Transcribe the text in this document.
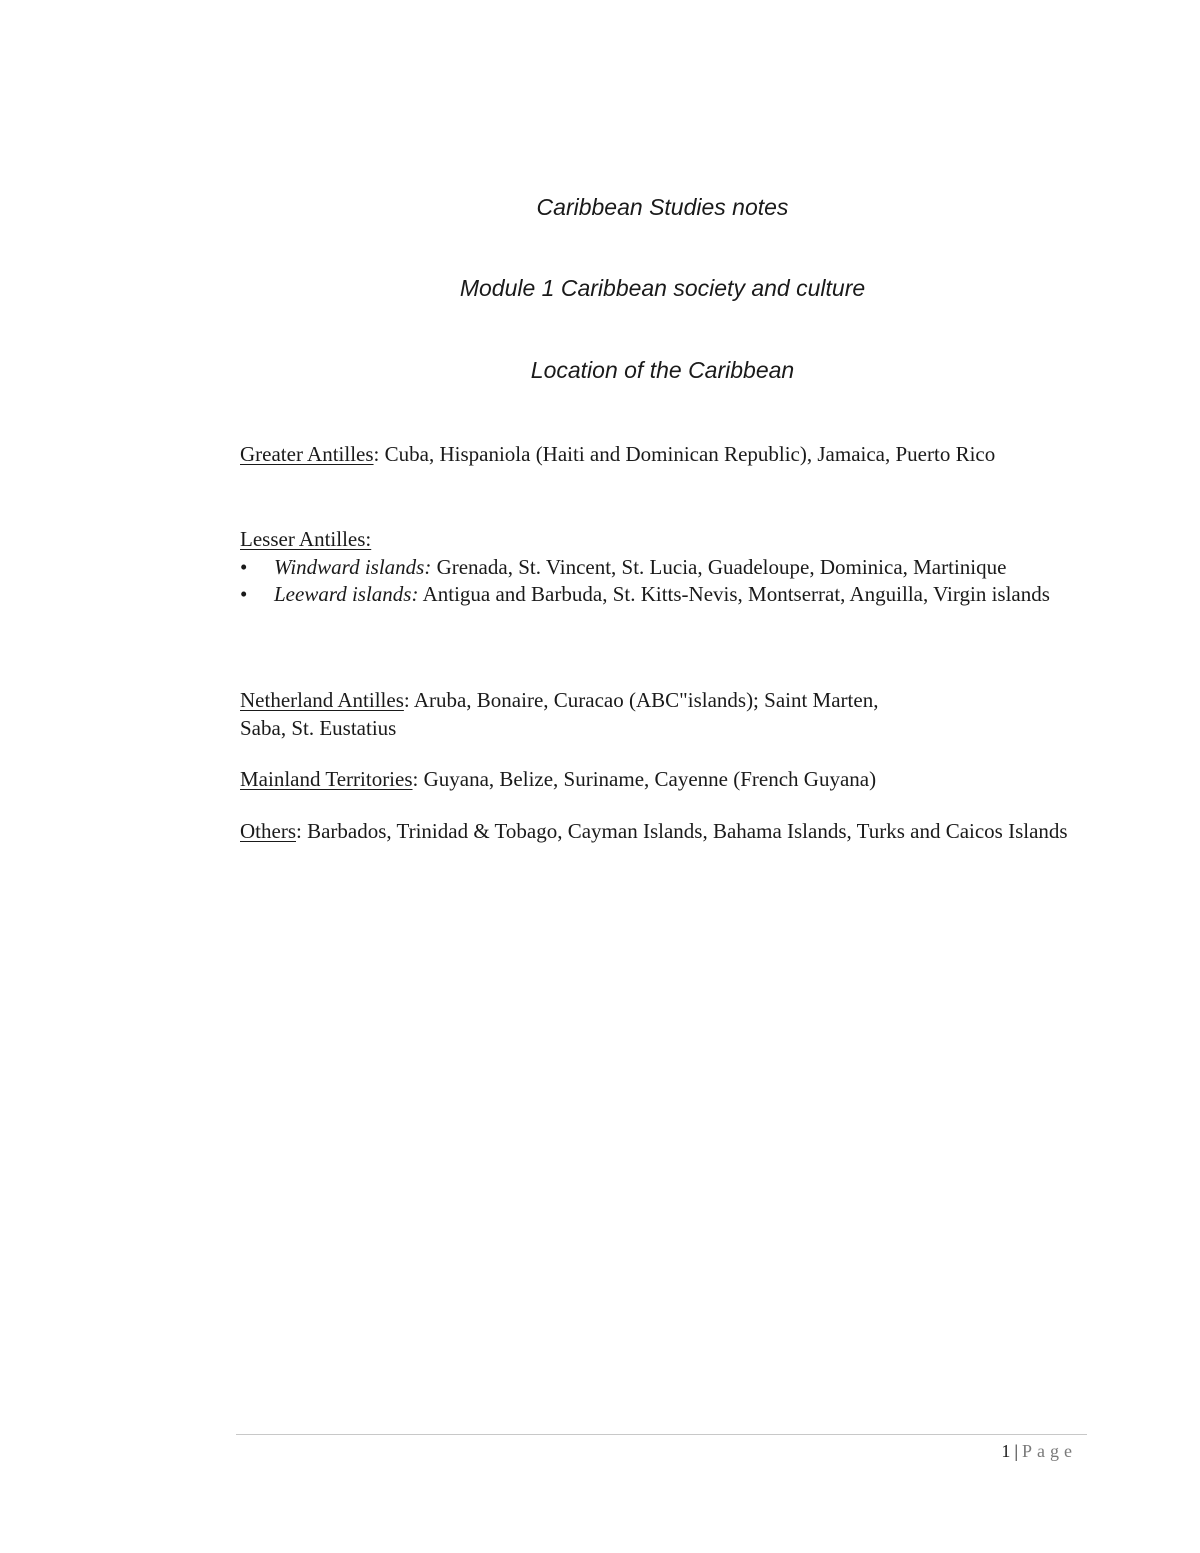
Caribbean Studies notes
Module 1 Caribbean society and culture
Location of the Caribbean
Greater Antilles: Cuba, Hispaniola (Haiti and Dominican Republic), Jamaica, Puerto Rico
Lesser Antilles:
• Windward islands: Grenada, St. Vincent, St. Lucia, Guadeloupe, Dominica, Martinique
• Leeward islands: Antigua and Barbuda, St. Kitts-Nevis, Montserrat, Anguilla, Virgin islands
Netherland Antilles: Aruba, Bonaire, Curacao (ABC"islands); Saint Marten,
Saba, St. Eustatius
Mainland Territories: Guyana, Belize, Suriname, Cayenne (French Guyana)
Others: Barbados, Trinidad & Tobago, Cayman Islands, Bahama Islands, Turks and Caicos Islands
1 | Page
